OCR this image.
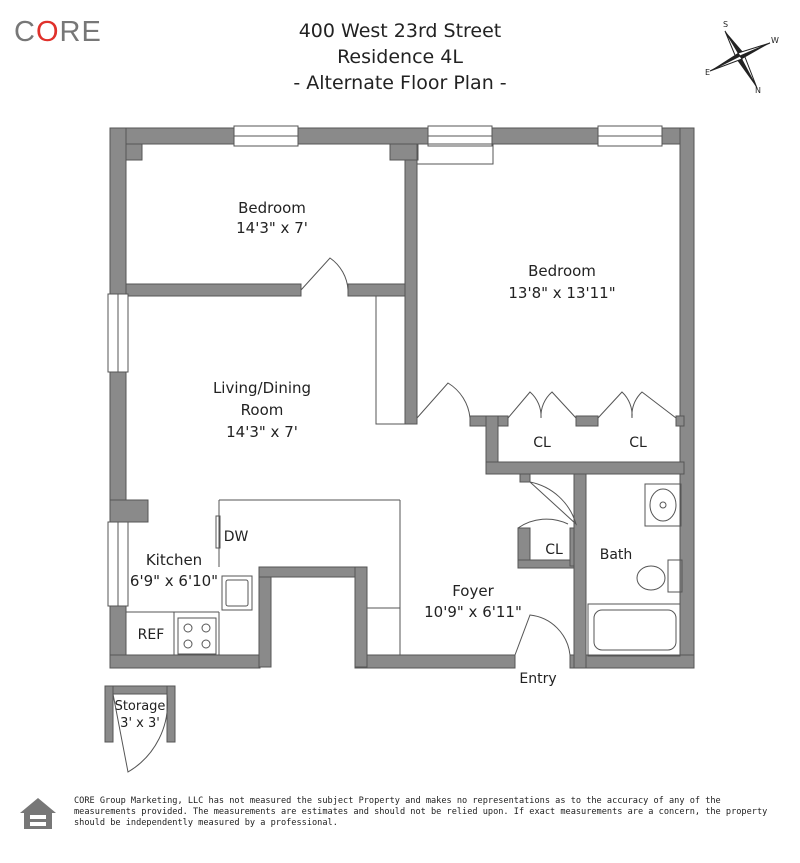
CORE	400 West 23rd Street
Residence 4L
- Alternate Floor Plan -
S
W
E
N
Bedroom
14'3" x 7'
Bedroom
13'8" x 13'11"
Living/Dining
Room
14'3" x 7'
CL	CL
CL
DW
Kitchen
6'9" x 6'10"
REF
Bath
Foyer
10'9" x 6'11"
Entry
Storage
3' x 3'
CORE Group Marketing, LLC has not measured the subject Property and makes no representations as to the accuracy of any of the measurements provided. The measurements are estimates and should not be relied upon. If exact measurements are a concern, the property should be independently measured by a professional.
